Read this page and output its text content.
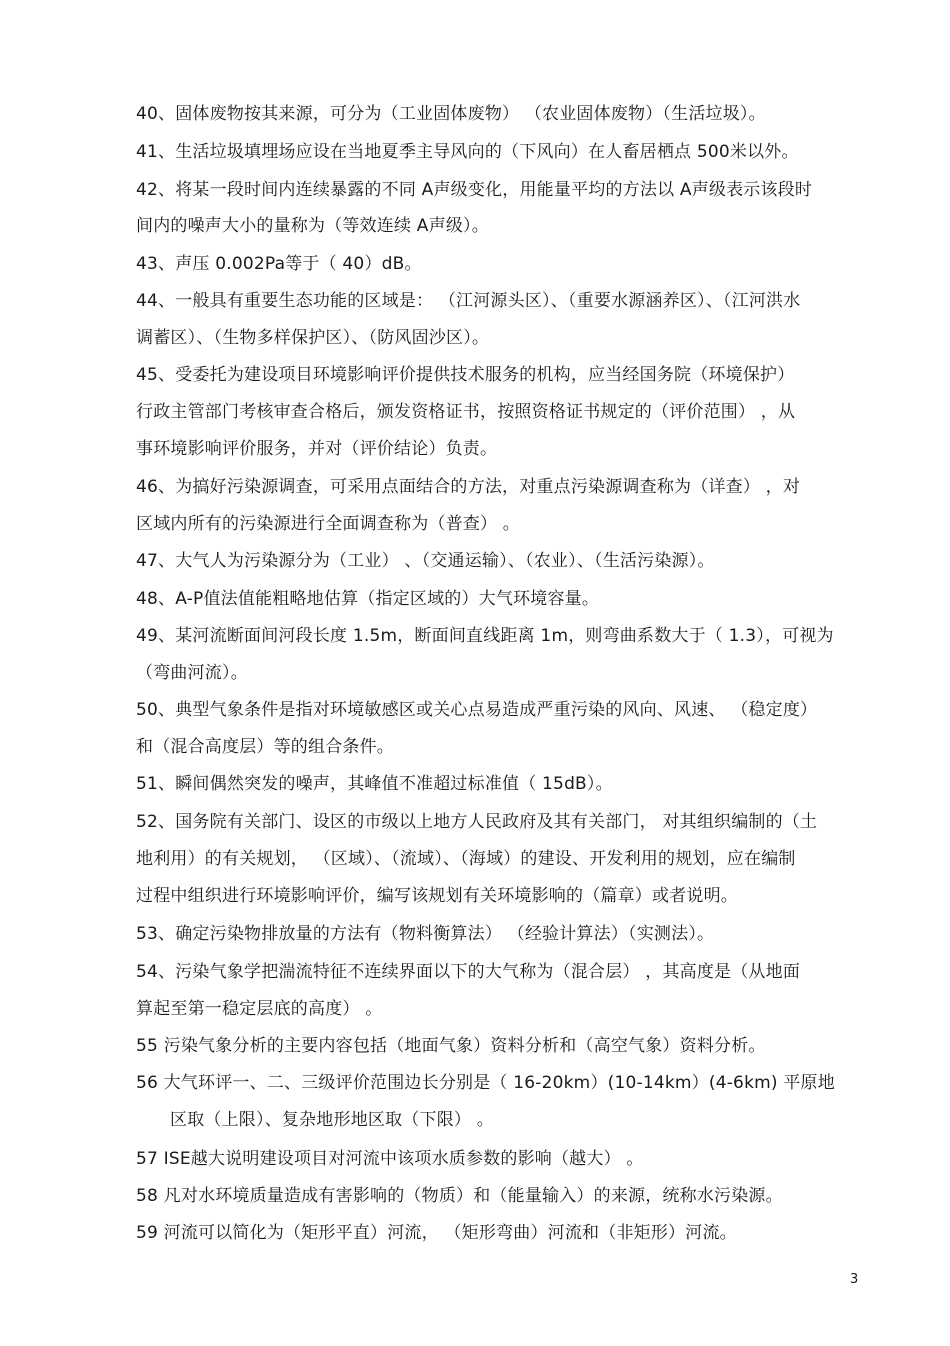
40、固体废物按其来源，可分为（工业固体废物） （农业固体废物）（生活垃圾）。
41、生活垃圾填埋场应设在当地夏季主导风向的（下风向）在人畜居栖点 500米以外。
42、将某一段时间内连续暴露的不同 A声级变化，用能量平均的方法以 A声级表示该段时
间内的噪声大小的量称为（等效连续 A声级）。
43、声压 0.002Pa等于（ 40）dB。
44、一般具有重要生态功能的区域是： （江河源头区）、（重要水源涵养区）、（江河洪水
调蓄区）、（生物多样保护区）、（防风固沙区）。
45、受委托为建设项目环境影响评价提供技术服务的机构，应当经国务院（环境保护）
行政主管部门考核审查合格后，颁发资格证书，按照资格证书规定的（评价范围） ，从
事环境影响评价服务，并对（评价结论）负责。
46、为搞好污染源调查，可采用点面结合的方法，对重点污染源调查称为（详查） ，对
区域内所有的污染源进行全面调查称为（普查） 。
47、大气人为污染源分为（工业） 、（交通运输）、（农业）、（生活污染源）。
48、A-P值法值能粗略地估算（指定区域的）大气环境容量。
49、某河流断面间河段长度 1.5m，断面间直线距离 1m，则弯曲系数大于（ 1.3），可视为
（弯曲河流）。
50、典型气象条件是指对环境敏感区或关心点易造成严重污染的风向、风速、 （稳定度）
和（混合高度层）等的组合条件。
51、瞬间偶然突发的噪声，其峰值不准超过标准值（ 15dB）。
52、国务院有关部门、设区的市级以上地方人民政府及其有关部门， 对其组织编制的（土
地利用）的有关规划， （区域）、（流域）、（海域）的建设、开发利用的规划，应在编制
过程中组织进行环境影响评价，编写该规划有关环境影响的（篇章）或者说明。
53、确定污染物排放量的方法有（物料衡算法） （经验计算法）（实测法）。
54、污染气象学把湍流特征不连续界面以下的大气称为（混合层） ，其高度是（从地面
算起至第一稳定层底的高度） 。
55 污染气象分析的主要内容包括（地面气象）资料分析和（高空气象）资料分析。
56 大气环评一、二、三级评价范围边长分别是（ 16-20km）(10-14km）(4-6km) 平原地
区取（上限）、复杂地形地区取（下限） 。
57 ISE越大说明建设项目对河流中该项水质参数的影响（越大） 。
58 凡对水环境质量造成有害影响的（物质）和（能量输入）的来源，统称水污染源。
59 河流可以简化为（矩形平直）河流， （矩形弯曲）河流和（非矩形）河流。
3
